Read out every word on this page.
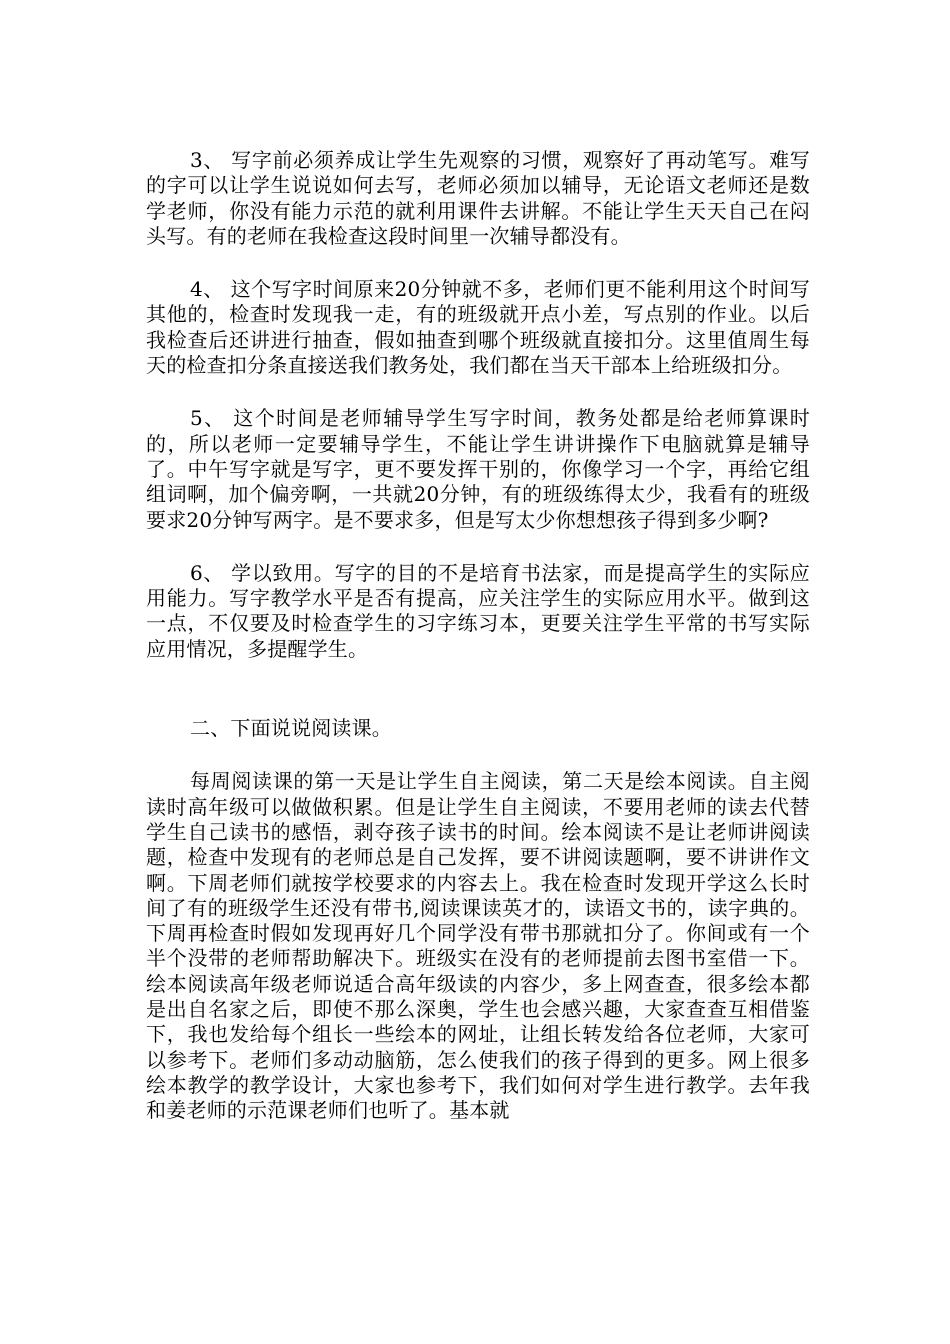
3、 写字前必须养成让学生先观察的习惯，观察好了再动笔写。难写的字可以让学生说说如何去写，老师必须加以辅导，无论语文老师还是数学老师，你没有能力示范的就利用课件去讲解。不能让学生天天自己在闷头写。有的老师在我检查这段时间里一次辅导都没有。

4、 这个写字时间原来20分钟就不多，老师们更不能利用这个时间写其他的，检查时发现我一走，有的班级就开点小差，写点别的作业。以后我检查后还讲进行抽查，假如抽查到哪个班级就直接扣分。这里值周生每天的检查扣分条直接送我们教务处，我们都在当天干部本上给班级扣分。

5、 这个时间是老师辅导学生写字时间，教务处都是给老师算课时的，所以老师一定要辅导学生，不能让学生讲讲操作下电脑就算是辅导了。中午写字就是写字，更不要发挥干别的，你像学习一个字，再给它组组词啊，加个偏旁啊，一共就20分钟，有的班级练得太少，我看有的班级要求20分钟写两字。是不要求多，但是写太少你想想孩子得到多少啊?

6、 学以致用。写字的目的不是培育书法家，而是提高学生的实际应用能力。写字教学水平是否有提高，应关注学生的实际应用水平。做到这一点，不仅要及时检查学生的习字练习本，更要关注学生平常的书写实际应用情况，多提醒学生。

二、下面说说阅读课。

每周阅读课的第一天是让学生自主阅读，第二天是绘本阅读。自主阅读时高年级可以做做积累。但是让学生自主阅读，不要用老师的读去代替学生自己读书的感悟，剥夺孩子读书的时间。绘本阅读不是让老师讲阅读题，检查中发现有的老师总是自己发挥，要不讲阅读题啊，要不讲讲作文啊。下周老师们就按学校要求的内容去上。我在检查时发现开学这么长时间了有的班级学生还没有带书,阅读课读英才的，读语文书的，读字典的。下周再检查时假如发现再好几个同学没有带书那就扣分了。你间或有一个半个没带的老师帮助解决下。班级实在没有的老师提前去图书室借一下。绘本阅读高年级老师说适合高年级读的内容少，多上网查查，很多绘本都是出自名家之后，即使不那么深奥，学生也会感兴趣，大家查查互相借鉴下，我也发给每个组长一些绘本的网址，让组长转发给各位老师，大家可以参考下。老师们多动动脑筋，怎么使我们的孩子得到的更多。网上很多绘本教学的教学设计，大家也参考下，我们如何对学生进行教学。去年我和姜老师的示范课老师们也听了。基本就
